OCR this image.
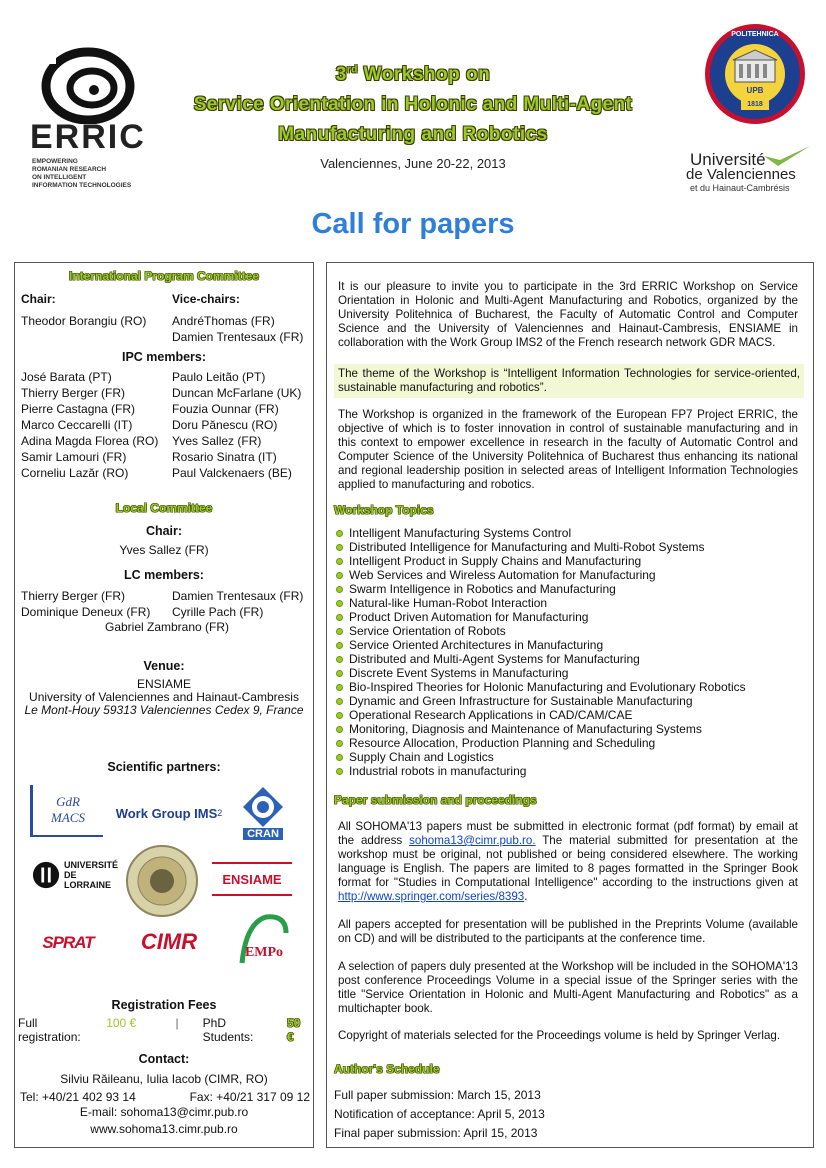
ERRIC
EMPOWERING
ROMANIAN RESEARCH
ON INTELLIGENT
INFORMATION TECHNOLOGIES
3rd Workshop on
Service Orientation in Holonic and Multi-Agent
Manufacturing and Robotics
Valenciennes, June 20-22, 2013
POLITEHNICA
UPB
1818
Université
de Valenciennes
et du Hainaut-Cambrésis
Call for papers
International Program Committee
Chair:	Vice-chairs:
Theodor Borangiu (RO)	AndréThomas (FR)
Damien Trentesaux (FR)
IPC members:
José Barata (PT)	Paulo Leitão (PT)
Thierry Berger (FR)	Duncan McFarlane (UK)
Pierre Castagna (FR)	Fouzia Ounnar (FR)
Marco Ceccarelli (IT)	Doru Pănescu (RO)
Adina Magda Florea (RO)	Yves Sallez (FR)
Samir Lamouri (FR)	Rosario Sinatra (IT)
Corneliu Lazăr (RO)	Paul Valckenaers (BE)
Local Committee
Chair:
Yves Sallez (FR)
LC members:
Thierry Berger (FR)	Damien Trentesaux (FR)
Dominique Deneux (FR)	Cyrille Pach (FR)
Gabriel Zambrano (FR)
Venue:
ENSIAME
University of Valenciennes and Hainaut-Cambresis
Le Mont-Houy 59313 Valenciennes Cedex 9, France
Scientific partners:
GdR
MACS Work Group IMS 2
CRAN
UNIVERSITÉ
DE LORRAINE	ENSIAME
SPRAT CIMR	EMPo
Registration Fees
Full registration:
100 €	| PhD Students:
50 €
Contact:
Silviu Răileanu, Iulia Iacob (CIMR, RO)
Tel: +40/21 402 93 14	Fax: +40/21 317 09 12
E-mail: sohoma13@cimr.pub.ro
www.sohoma13.cimr.pub.ro
It is our pleasure to invite you to participate in the 3rd ERRIC Workshop on Service Orientation in Holonic and Multi-Agent Manufacturing and Robotics, organized by the University Politehnica of Bucharest, the Faculty of Automatic Control and Computer Science and the University of Valenciennes and Hainaut-Cambresis, ENSIAME in collaboration with the Work Group IMS2 of the French research network GDR MACS.
The theme of the Workshop is “Intelligent Information Technologies for service-oriented, sustainable manufacturing and robotics”.
The Workshop is organized in the framework of the European FP7 Project ERRIC, the objective of which is to foster innovation in control of sustainable manufacturing and in this context to empower excellence in research in the faculty of Automatic Control and Computer Science of the University Politehnica of Bucharest thus enhancing its national and regional leadership position in selected areas of Intelligent Information Technologies applied to manufacturing and robotics.
Workshop Topics
Intelligent Manufacturing Systems Control
Distributed Intelligence for Manufacturing and Multi-Robot Systems
Intelligent Product in Supply Chains and Manufacturing
Web Services and Wireless Automation for Manufacturing
Swarm Intelligence in Robotics and Manufacturing
Natural-like Human-Robot Interaction
Product Driven Automation for Manufacturing
Service Orientation of Robots
Service Oriented Architectures in Manufacturing
Distributed and Multi-Agent Systems for Manufacturing
Discrete Event Systems in Manufacturing
Bio-Inspired Theories for Holonic Manufacturing and Evolutionary Robotics
Dynamic and Green Infrastructure for Sustainable Manufacturing
Operational Research Applications in CAD/CAM/CAE
Monitoring, Diagnosis and Maintenance of Manufacturing Systems
Resource Allocation, Production Planning and Scheduling
Supply Chain and Logistics
Industrial robots in manufacturing
Paper submission and proceedings
All SOHOMA'13 papers must be submitted in electronic format (pdf format) by email at the address sohoma13@cimr.pub.ro. The material submitted for presentation at the workshop must be original, not published or being considered elsewhere. The working language is English. The papers are limited to 8 pages formatted in the Springer Book format for "Studies in Computational Intelligence" according to the instructions given at http://www.springer.com/series/8393.
All papers accepted for presentation will be published in the Preprints Volume (available on CD) and will be distributed to the participants at the conference time.
A selection of papers duly presented at the Workshop will be included in the SOHOMA'13 post conference Proceedings Volume in a special issue of the Springer series with the title "Service Orientation in Holonic and Multi-Agent Manufacturing and Robotics" as a multichapter book.
Copyright of materials selected for the Proceedings volume is held by Springer Verlag.
Author's Schedule
Full paper submission: March 15, 2013
Notification of acceptance: April 5, 2013
Final paper submission: April 15, 2013
